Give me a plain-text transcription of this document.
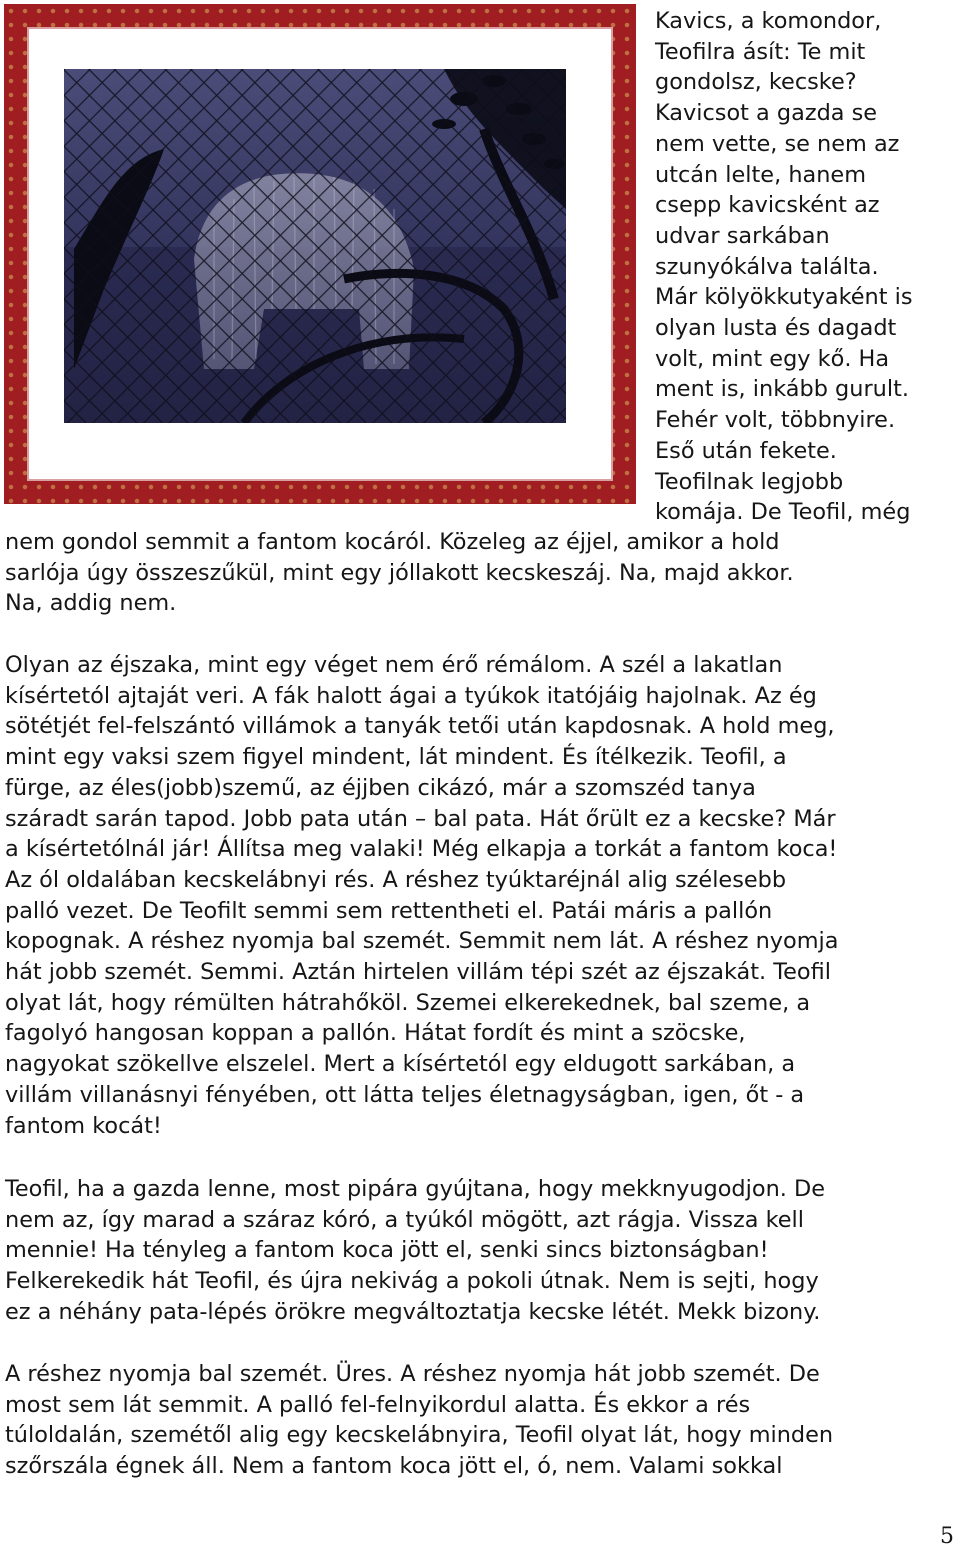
Kavics, a komondor,
Teofilra ásít: Te mit
gondolsz, kecske?
Kavicsot a gazda se
nem vette, se nem az
utcán lelte, hanem
csepp kavicsként az
udvar sarkában
szunyókálva találta.
Már kölyökkutyaként is
olyan lusta és dagadt
volt, mint egy kő. Ha
ment is, inkább gurult.
Fehér volt, többnyire.
Eső után fekete.
Teofilnak legjobb
komája. De Teofil, még
nem gondol semmit a fantom kocáról. Közeleg az éjjel, amikor a hold
sarlója úgy összeszűkül, mint egy jóllakott kecskeszáj. Na, majd akkor.
Na, addig nem.
Olyan az éjszaka, mint egy véget nem érő rémálom. A szél a lakatlan
kísértetól ajtaját veri. A fák halott ágai a tyúkok itatójáig hajolnak. Az ég
sötétjét fel-felszántó villámok a tanyák tetői után kapdosnak. A hold meg,
mint egy vaksi szem figyel mindent, lát mindent. És ítélkezik. Teofil, a
fürge, az éles(jobb)szemű, az éjjben cikázó, már a szomszéd tanya
száradt sarán tapod. Jobb pata után – bal pata. Hát őrült ez a kecske? Már
a kísértetólnál jár! Állítsa meg valaki! Még elkapja a torkát a fantom koca!
Az ól oldalában kecskelábnyi rés. A réshez tyúktaréjnál alig szélesebb
palló vezet. De Teofilt semmi sem rettentheti el. Patái máris a pallón
kopognak. A réshez nyomja bal szemét. Semmit nem lát. A réshez nyomja
hát jobb szemét. Semmi. Aztán hirtelen villám tépi szét az éjszakát. Teofil
olyat lát, hogy rémülten hátrahőköl. Szemei elkerekednek, bal szeme, a
fagolyó hangosan koppan a pallón. Hátat fordít és mint a szöcske,
nagyokat szökellve elszelel. Mert a kísértetól egy eldugott sarkában, a
villám villanásnyi fényében, ott látta teljes életnagyságban, igen, őt - a
fantom kocát!
Teofil, ha a gazda lenne, most pipára gyújtana, hogy mekknyugodjon. De
nem az, így marad a száraz kóró, a tyúkól mögött, azt rágja. Vissza kell
mennie! Ha tényleg a fantom koca jött el, senki sincs biztonságban!
Felkerekedik hát Teofil, és újra nekivág a pokoli útnak. Nem is sejti, hogy
ez a néhány pata-lépés örökre megváltoztatja kecske létét. Mekk bizony.
A réshez nyomja bal szemét. Üres. A réshez nyomja hát jobb szemét. De
most sem lát semmit. A palló fel-felnyikordul alatta. És ekkor a rés
túloldalán, szemétől alig egy kecskelábnyira, Teofil olyat lát, hogy minden
szőrszála égnek áll. Nem a fantom koca jött el, ó, nem. Valami sokkal
5
